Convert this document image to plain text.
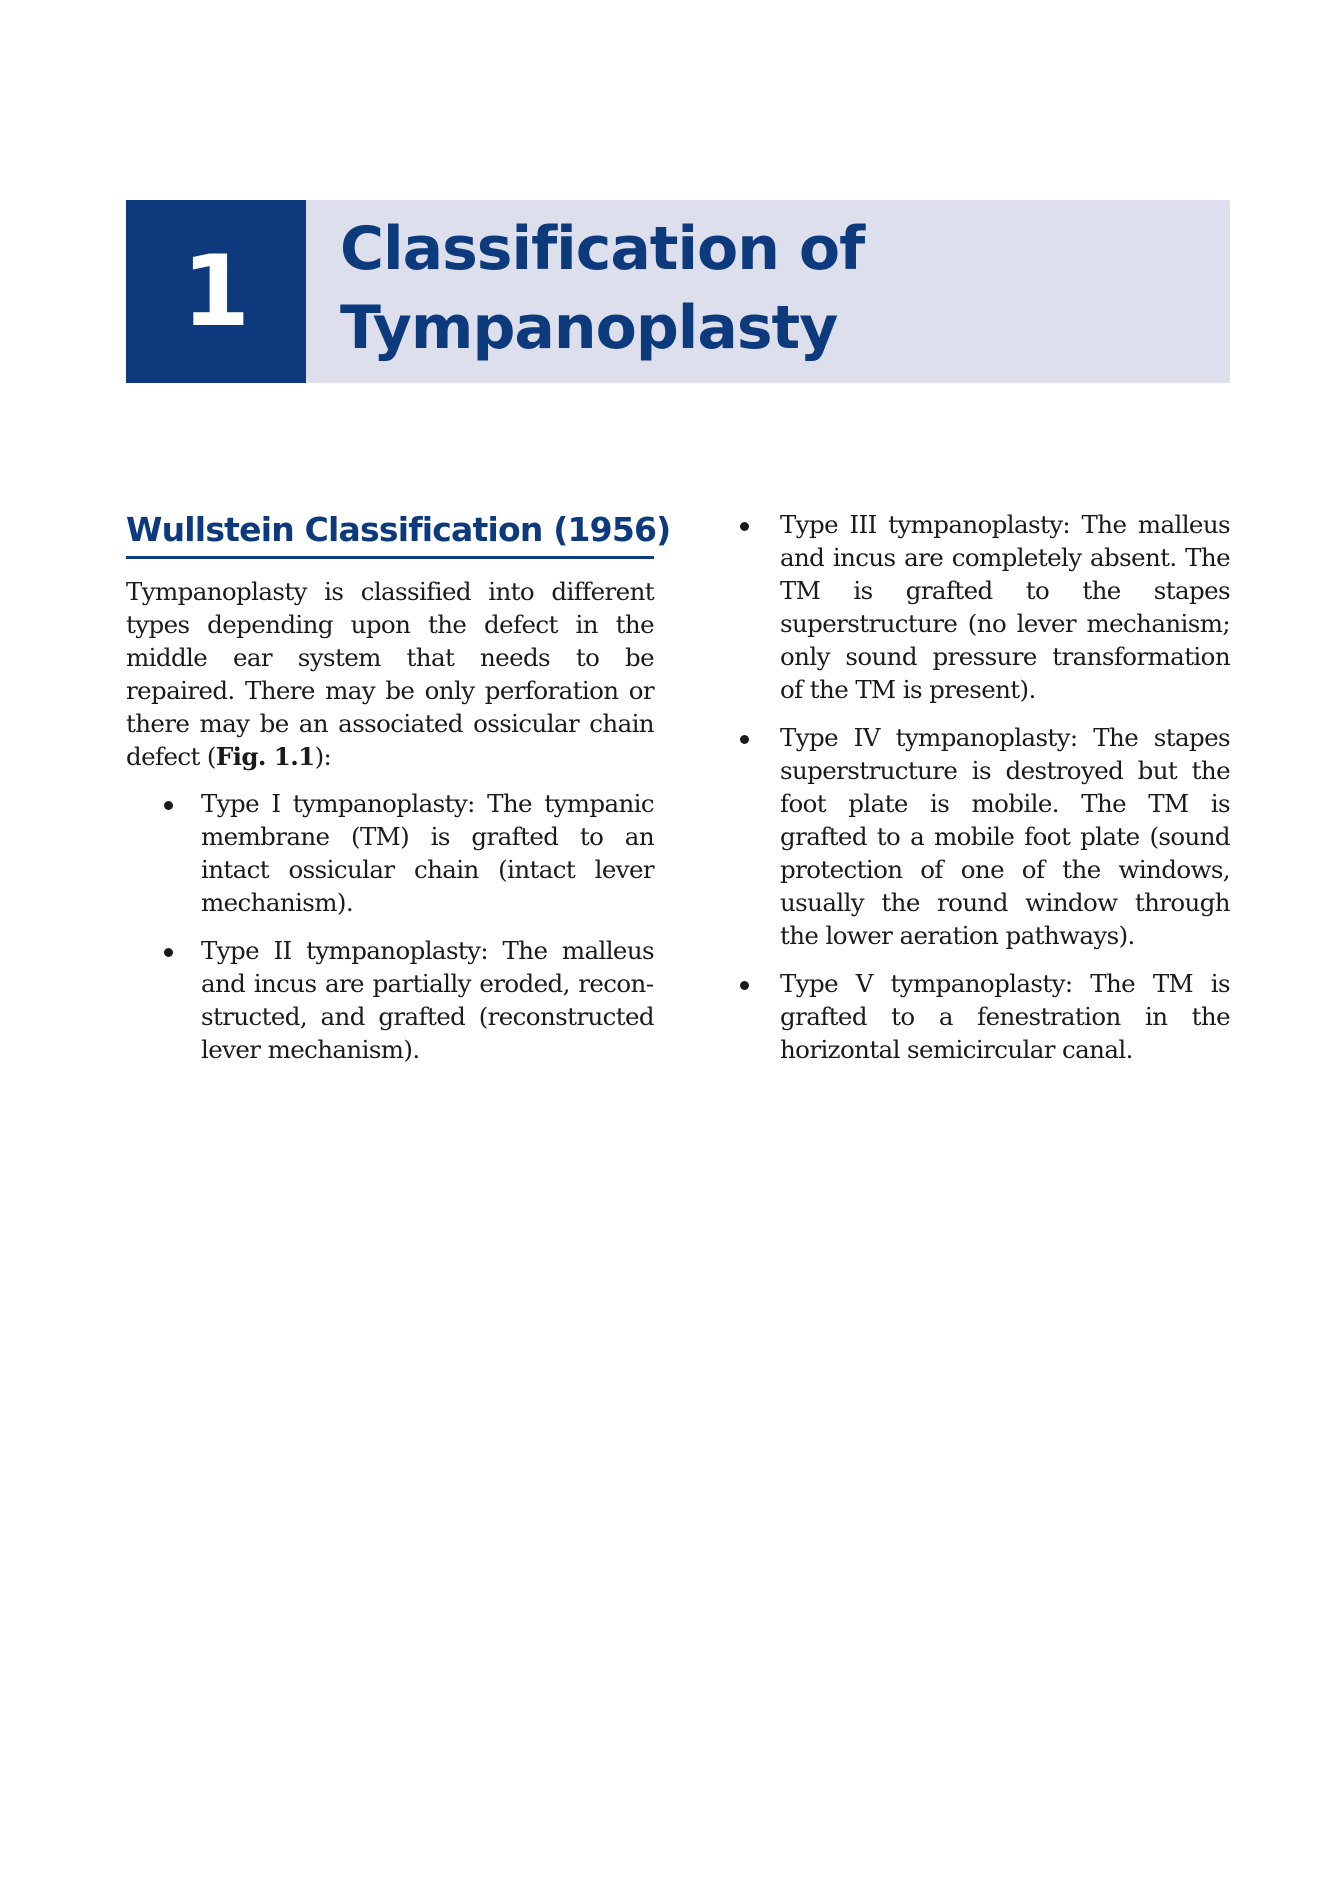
1	Classification of
Tympanoplasty
Wullstein Classification (1956)

Tympanoplasty is classified into different types depending upon the defect in the middle ear system that needs to be repaired. There may be only perforation or there may be an associated ossicular chain defect (Fig. 1.1):

Type I tympanoplasty: The tympanic membrane (TM) is grafted to an intact ossicular chain (intact lever mechanism).
Type II tympanoplasty: The malleus and incus are partially eroded, reconstructed, and grafted (reconstructed lever mechanism).
Type III tympanoplasty: The malleus and incus are completely absent. The TM is grafted to the stapes superstructure (no lever mechanism; only sound pressure transformation of the TM is present).
Type IV tympanoplasty: The stapes superstructure is destroyed but the foot plate is mobile. The TM is grafted to a mobile foot plate (sound protection of one of the windows, usually the round window through the lower aeration pathways).
Type V tympanoplasty: The TM is grafted to a fenestration in the horizontal semicircular canal.
